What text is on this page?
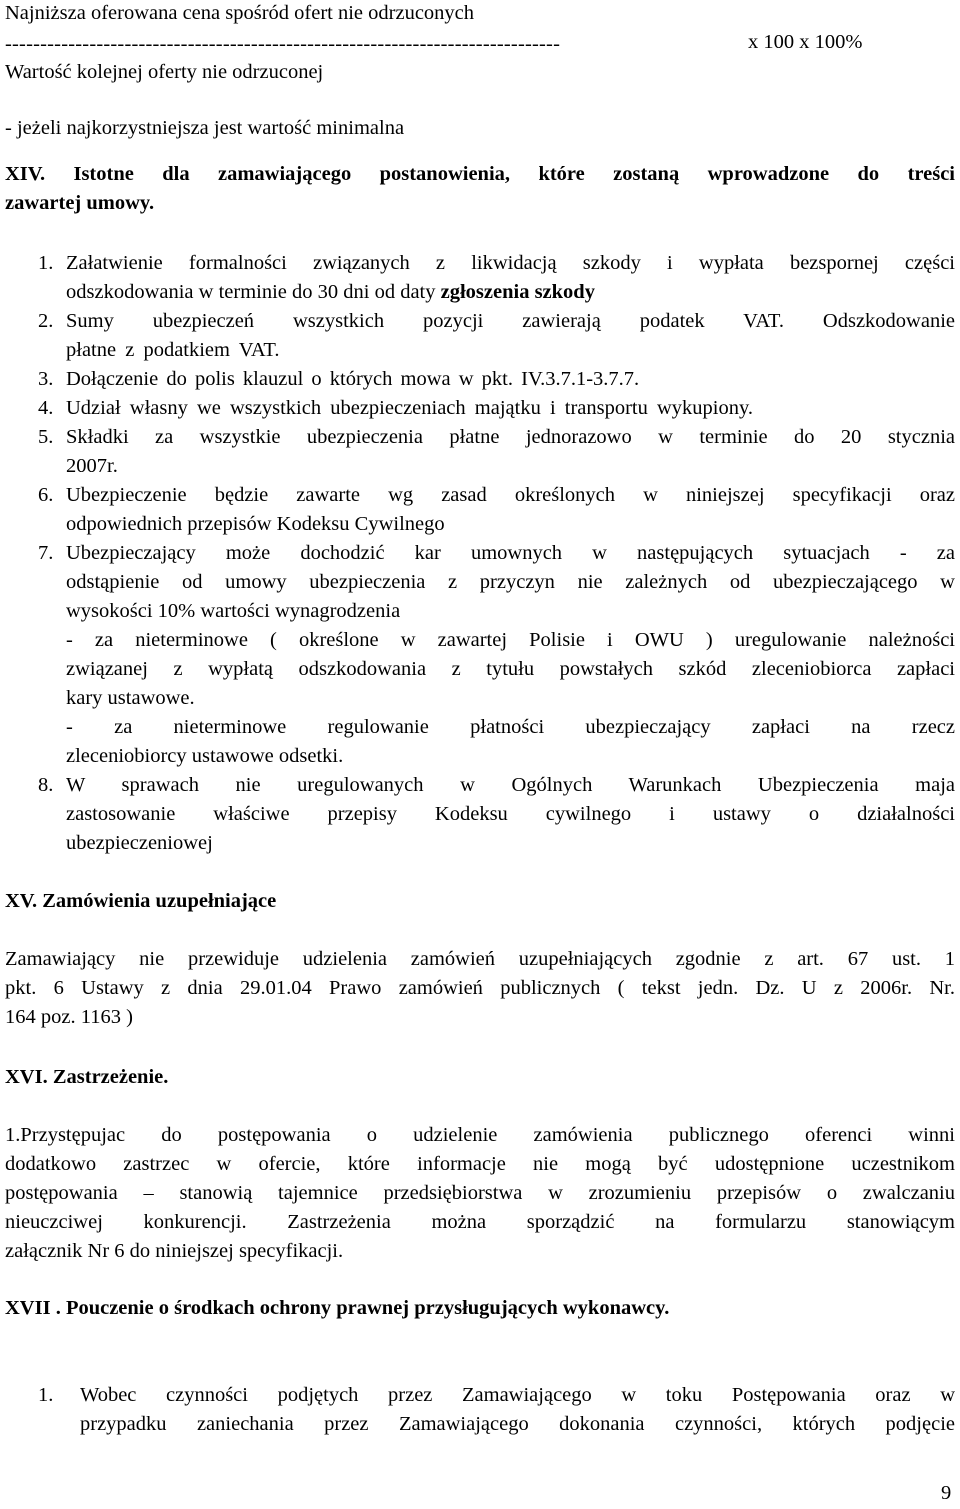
Najniższa oferowana cena spośród ofert nie odrzuconych
-------------------------------------------------------------------------------	x 100 x 100%
Wartość kolejnej oferty nie odrzuconej
- jeżeli najkorzystniejsza jest wartość minimalna
XIV. Istotne dla zamawiającego postanowienia, które zostaną wprowadzone do treści
zawartej umowy.
1. Załatwienie formalności związanych z likwidacją szkody i wypłata bezspornej części
odszkodowania w terminie do 30 dni od daty zgłoszenia szkody
2. Sumy ubezpieczeń wszystkich pozycji zawierają podatek VAT. Odszkodowanie
płatne z podatkiem VAT.
3. Dołączenie do polis klauzul o których mowa w pkt. IV.3.7.1-3.7.7.
4. Udział własny we wszystkich ubezpieczeniach majątku i transportu wykupiony.
5. Składki za wszystkie ubezpieczenia płatne jednorazowo w terminie do 20 stycznia
2007r.
6. Ubezpieczenie będzie zawarte wg zasad określonych w niniejszej specyfikacji oraz
odpowiednich przepisów Kodeksu Cywilnego
7. Ubezpieczający może dochodzić kar umownych w następujących sytuacjach - za
odstąpienie od umowy ubezpieczenia z przyczyn nie zależnych od ubezpieczającego w
wysokości 10% wartości wynagrodzenia
- za nieterminowe ( określone w zawartej Polisie i OWU ) uregulowanie należności
związanej z wypłatą odszkodowania z tytułu powstałych szkód zleceniobiorca zapłaci
kary ustawowe.
- za nieterminowe regulowanie płatności ubezpieczający zapłaci na rzecz
zleceniobiorcy ustawowe odsetki.
8. W sprawach nie uregulowanych w Ogólnych Warunkach Ubezpieczenia maja
zastosowanie właściwe przepisy Kodeksu cywilnego i ustawy o działalności
ubezpieczeniowej
XV. Zamówienia uzupełniające
Zamawiający nie przewiduje udzielenia zamówień uzupełniających zgodnie z art. 67 ust. 1
pkt. 6 Ustawy z dnia 29.01.04 Prawo zamówień publicznych ( tekst jedn. Dz. U z 2006r. Nr.
164 poz. 1163 )
XVI. Zastrzeżenie.
1.Przystępujac do postępowania o udzielenie zamówienia publicznego oferenci winni
dodatkowo zastrzec w ofercie, które informacje nie mogą być udostępnione uczestnikom
postępowania – stanowią tajemnice przedsiębiorstwa w zrozumieniu przepisów o zwalczaniu
nieuczciwej konkurencji. Zastrzeżenia można sporządzić na formularzu stanowiącym
załącznik Nr 6 do niniejszej specyfikacji.
XVII . Pouczenie o środkach ochrony prawnej przysługujących wykonawcy.
1. Wobec czynności podjętych przez Zamawiającego w toku Postępowania oraz w
przypadku zaniechania przez Zamawiającego dokonania czynności, których podjęcie
9
